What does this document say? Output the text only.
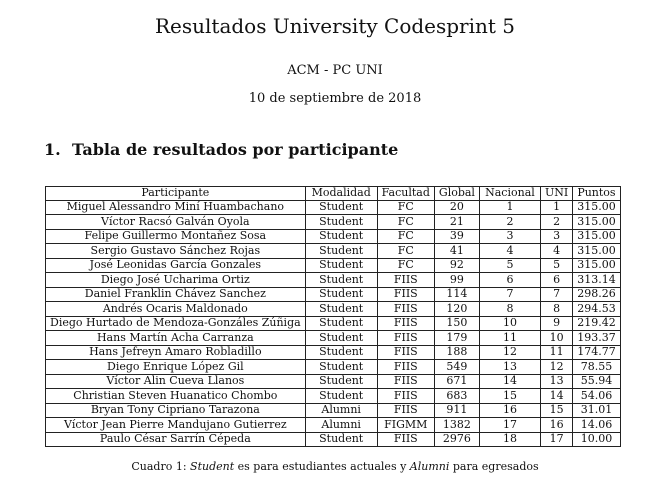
Resultados University Codesprint 5
ACM - PC UNI
10 de septiembre de 2018
1. Tabla de resultados por participante
Participante	Modalidad	Facultad	Global	Nacional	UNI	Puntos
Miguel Alessandro Miní Huambachano	Student	FC	20	1	1	315.00
Víctor Racsó Galván Oyola	Student	FC	21	2	2	315.00
Felipe Guillermo Montañez Sosa	Student	FC	39	3	3	315.00
Sergio Gustavo Sánchez Rojas	Student	FC	41	4	4	315.00
José Leonidas García Gonzales	Student	FC	92	5	5	315.00
Diego José Ucharima Ortiz	Student	FIIS	99	6	6	313.14
Daniel Franklin Chávez Sanchez	Student	FIIS	114	7	7	298.26
Andrés Ocaris Maldonado	Student	FIIS	120	8	8	294.53
Diego Hurtado de Mendoza-Gonzáles Zúñiga	Student	FIIS	150	10	9	219.42
Hans Martín Acha Carranza	Student	FIIS	179	11	10	193.37
Hans Jefreyn Amaro Robladillo	Student	FIIS	188	12	11	174.77
Diego Enrique López Gil	Student	FIIS	549	13	12	78.55
Víctor Alin Cueva Llanos	Student	FIIS	671	14	13	55.94
Christian Steven Huanatico Chombo	Student	FIIS	683	15	14	54.06
Bryan Tony Cipriano Tarazona	Alumni	FIIS	911	16	15	31.01
Víctor Jean Pierre Mandujano Gutierrez	Alumni	FIGMM	1382	17	16	14.06
Paulo César Sarrín Cépeda	Student	FIIS	2976	18	17	10.00
Cuadro 1: Student es para estudiantes actuales y Alumni para egresados
